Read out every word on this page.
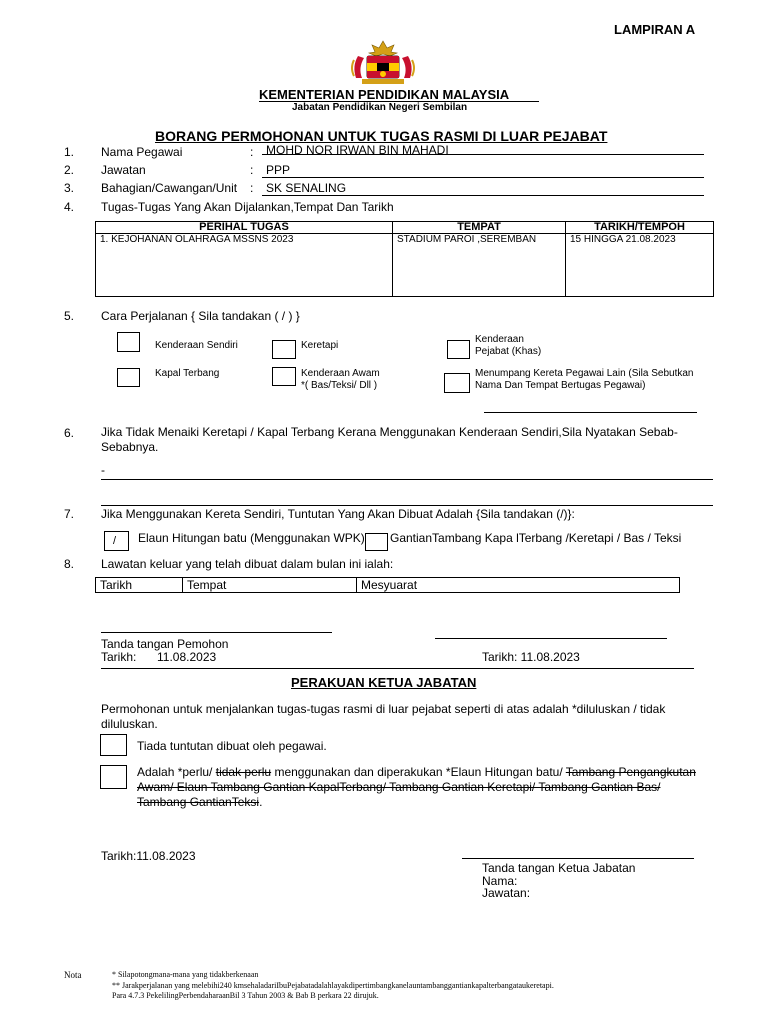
LAMPIRAN A
KEMENTERIAN PENDIDIKAN MALAYSIA
Jabatan Pendidikan Negeri Sembilan
BORANG PERMOHONAN UNTUK TUGAS RASMI DI LUAR PEJABAT
1. Nama Pegawai	: MOHD NOR IRWAN BIN MAHADI
2. Jawatan	: PPP
3. Bahagian/Cawangan/Unit : SK SENALING
4. Tugas-Tugas Yang Akan Dijalankan,Tempat Dan Tarikh
PERIHAL TUGAS	TEMPAT	TARIKH/TEMPOH
1. KEJOHANAN OLAHRAGA MSSNS 2023	STADIUM PAROI ,SEREMBAN	15 HINGGA 21.08.2023
5. Cara Perjalanan { Sila tandakan ( / ) }
Kenderaan Sendiri	Keretapi
Kenderaan
Pejabat (Khas)
Kapal Terbang	Kenderaan Awam
*( Bas/Teksi/ Dll )
Menumpang Kereta Pegawai Lain (Sila Sebutkan
Nama Dan Tempat Bertugas Pegawai)
6. Jika Tidak Menaiki Keretapi / Kapal Terbang Kerana Menggunakan Kenderaan Sendiri,Sila Nyatakan Sebab-Sebabnya.
-
7. Jika Menggunakan Kereta Sendiri, Tuntutan Yang Akan Dibuat Adalah {Sila tandakan (/)}:
/ Elaun Hitungan batu (Menggunakan WPK) GantianTambang Kapa lTerbang /Keretapi / Bas / Teksi
8. Lawatan keluar yang telah dibuat dalam bulan ini ialah:
Tarikh	Tempat	Mesyuarat
Tanda tangan Pemohon
Tarikh: 11.08.2023	Tarikh: 11.08.2023
PERAKUAN KETUA JABATAN
Permohonan untuk menjalankan tugas-tugas rasmi di luar pejabat seperti di atas adalah *diluluskan / tidak diluluskan.
Tiada tuntutan dibuat oleh pegawai.
Adalah *perlu/ tidak perlu menggunakan dan diperakukan *Elaun Hitungan batu/ Tambang Pengangkutan Awam/ Elaun Tambang Gantian KapalTerbang/ Tambang Gantian Keretapi/ Tambang Gantian Bas/ Tambang GantianTeksi.
Tarikh:11.08.2023
Tanda tangan Ketua Jabatan
Nama:
Jawatan:
Nota	* Silapotongmana-mana yang tidakberkenaan
** Jarakperjalanan yang melebihi240 kmsehaladariIbuPejabatadalahlayakdipertimbangkanelauntambanggantiankapalterbangataukeretapi.
Para 4.7.3 PekelilingPerbendaharaanBil 3 Tahun 2003 & Bab B perkara 22 dirujuk.
